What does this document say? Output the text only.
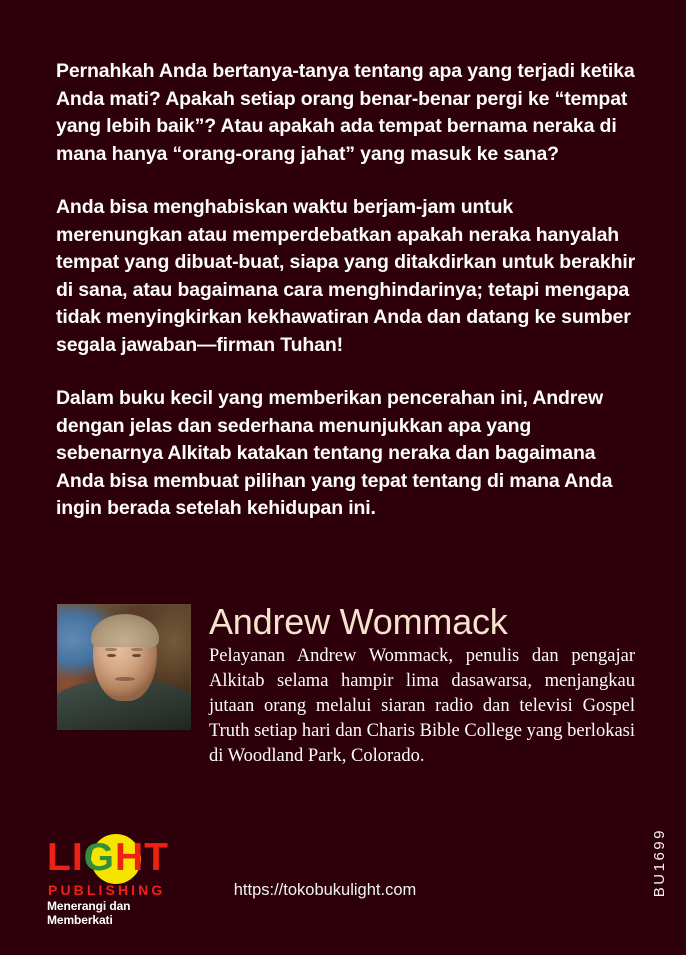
Pernahkah Anda bertanya-tanya tentang apa yang terjadi ketika Anda mati? Apakah setiap orang benar-benar pergi ke “tempat yang lebih baik”? Atau apakah ada tempat bernama neraka di mana hanya “orang-orang jahat” yang masuk ke sana?

Anda bisa menghabiskan waktu berjam-jam untuk merenungkan atau memperdebatkan apakah neraka hanyalah tempat yang dibuat-buat, siapa yang ditakdirkan untuk berakhir di sana, atau bagaimana cara menghindarinya; tetapi mengapa tidak menyingkirkan kekhawatiran Anda dan datang ke sumber segala jawaban—firman Tuhan!

Dalam buku kecil yang memberikan pencerahan ini, Andrew dengan jelas dan sederhana menunjukkan apa yang sebenarnya Alkitab katakan tentang neraka dan bagaimana Anda bisa membuat pilihan yang tepat tentang di mana Anda ingin berada setelah kehidupan ini.

Andrew Wommack

Pelayanan Andrew Wommack, penulis dan pengajar Alkitab selama hampir lima dasawarsa, menjangkau jutaan orang melalui siaran radio dan televisi Gospel Truth setiap hari dan Charis Bible College yang berlokasi di Woodland Park, Colorado.

LIGHT
PUBLISHING
Menerangi dan Memberkati
https://tokobukulight.com	BU1699
